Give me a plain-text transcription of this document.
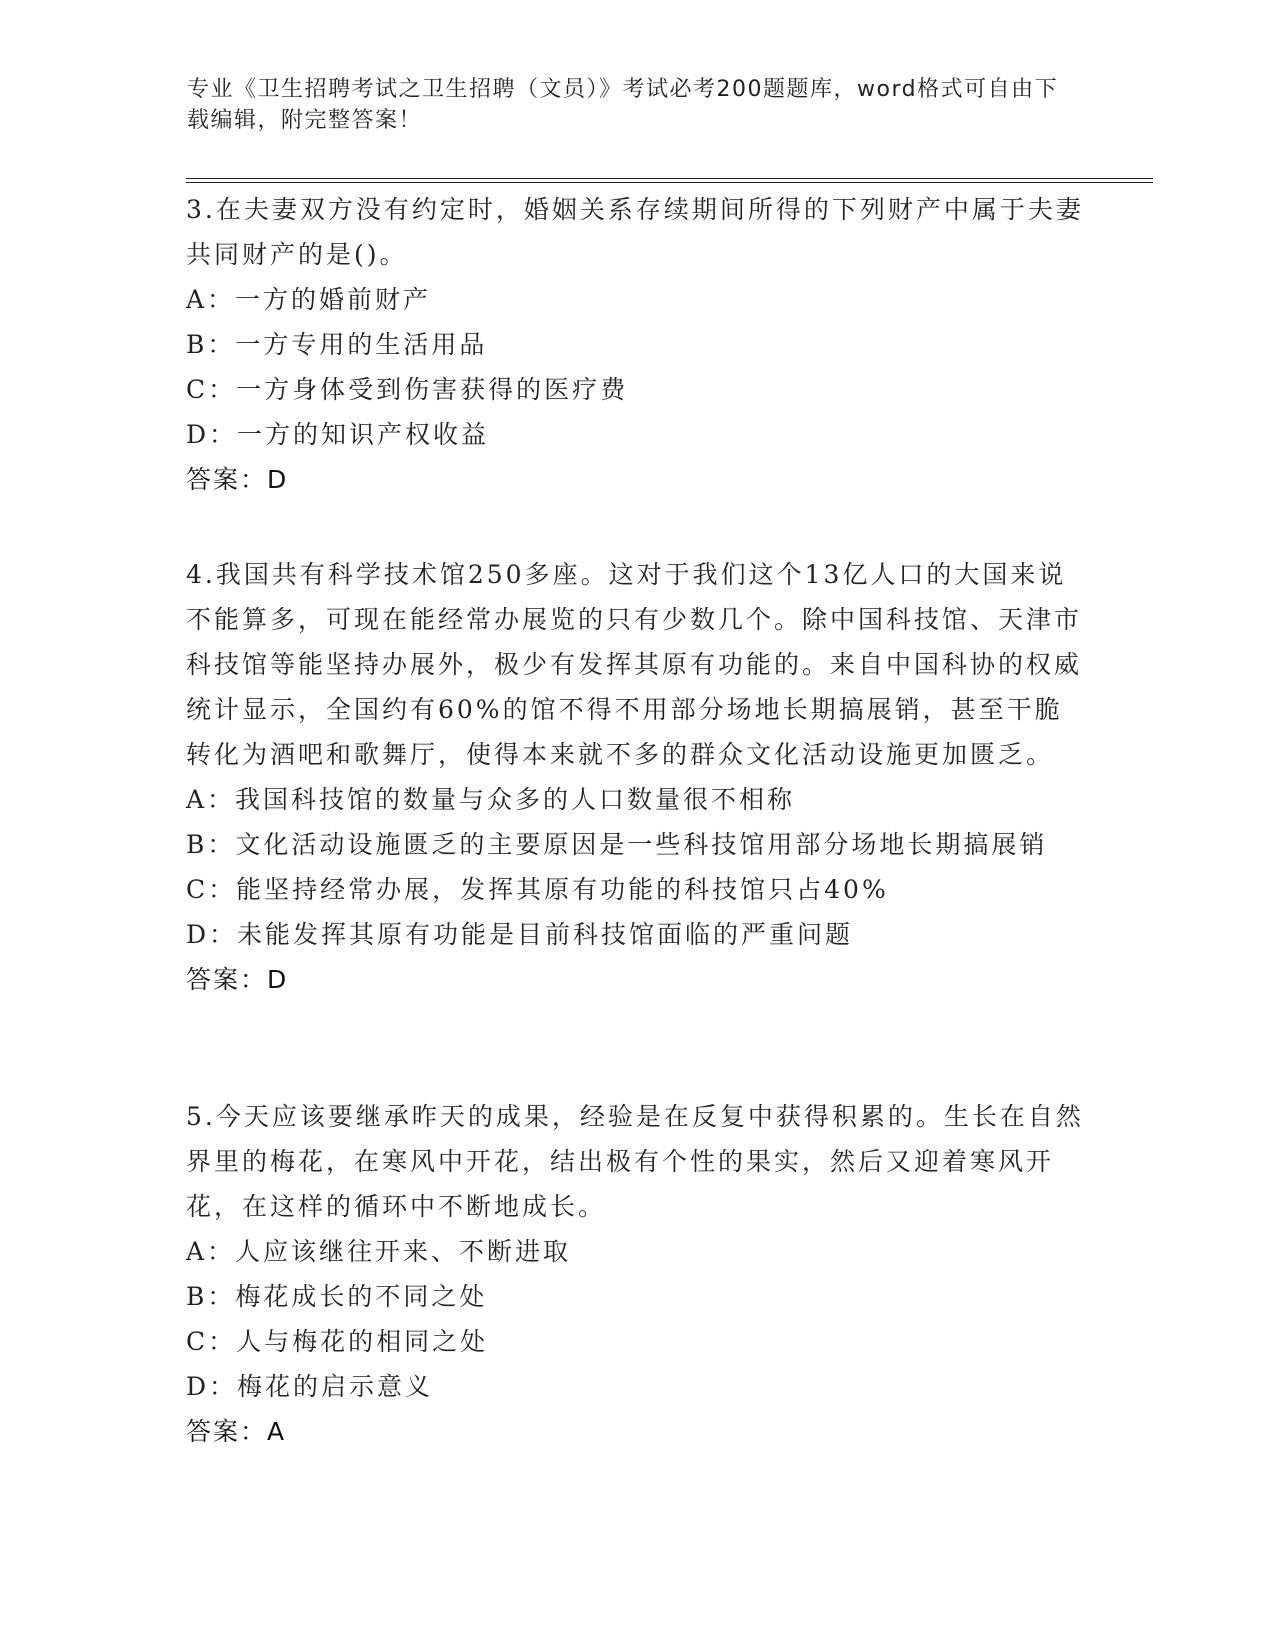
专业《卫生招聘考试之卫生招聘（文员）》考试必考200题题库，word格式可自由下载编辑，附完整答案！
3.在夫妻双方没有约定时，婚姻关系存续期间所得的下列财产中属于夫妻共同财产的是()。
A：一方的婚前财产
B：一方专用的生活用品
C：一方身体受到伤害获得的医疗费
D：一方的知识产权收益
答案：D
4.我国共有科学技术馆250多座。这对于我们这个13亿人口的大国来说不能算多，可现在能经常办展览的只有少数几个。除中国科技馆、天津市科技馆等能坚持办展外，极少有发挥其原有功能的。来自中国科协的权威统计显示，全国约有60%的馆不得不用部分场地长期搞展销，甚至干脆转化为酒吧和歌舞厅，使得本来就不多的群众文化活动设施更加匮乏。
A：我国科技馆的数量与众多的人口数量很不相称
B：文化活动设施匮乏的主要原因是一些科技馆用部分场地长期搞展销
C：能坚持经常办展，发挥其原有功能的科技馆只占40%
D：未能发挥其原有功能是目前科技馆面临的严重问题
答案：D
5.今天应该要继承昨天的成果，经验是在反复中获得积累的。生长在自然界里的梅花，在寒风中开花，结出极有个性的果实，然后又迎着寒风开花，在这样的循环中不断地成长。
A：人应该继往开来、不断进取
B：梅花成长的不同之处
C：人与梅花的相同之处
D：梅花的启示意义
答案：A
